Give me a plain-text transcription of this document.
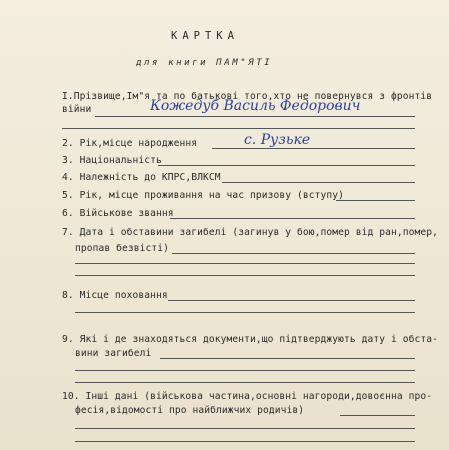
КАРТКА
для книги ПАМ"ЯТІ
І.Прізвище,Ім"я та по батькові того,хто не повернувся з фронтів
війни	Кожедуб Василь Федорович
2. Рік,місце народження	с. Рузьке
3. Національність
4. Належність до КПРС,ВЛКСМ
5. Рік, місце проживання на час призову (вступу)
6. Військове звання
7. Дата і обставини загибелі (загинув у бою,помер від ран,помер,
пропав безвісті)
8. Місце поховання
9. Які і де знаходяться документи,що підтверджують дату і обста-
вини загибелі
10. Інші дані (військова частина,основні нагороди,довоєнна про-
фесія,відомості про найближчих родичів)
